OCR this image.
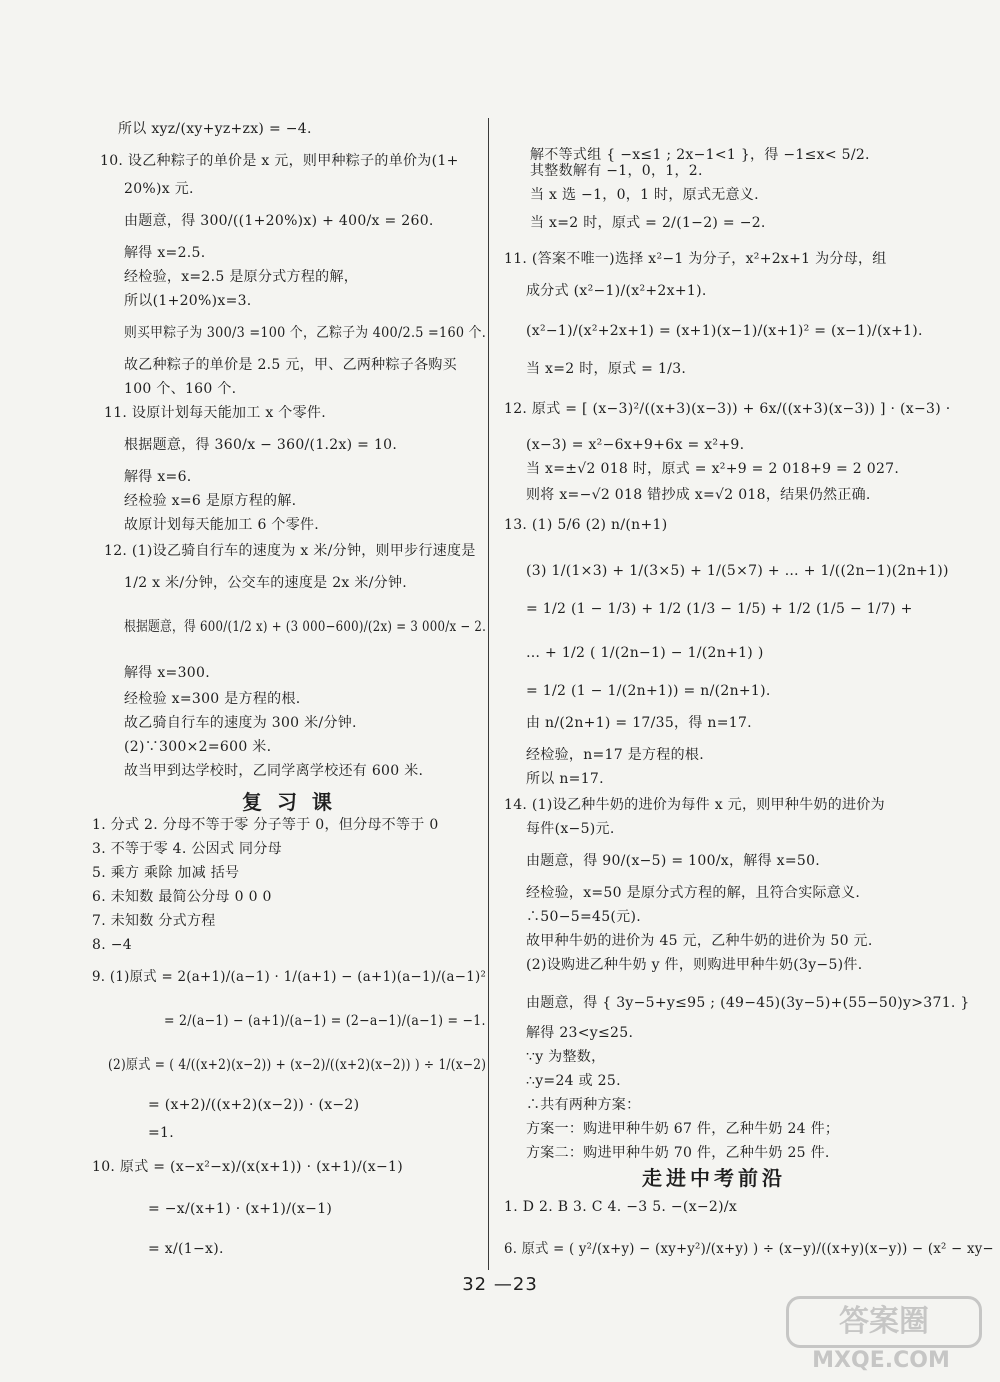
所以 xyz/(xy+yz+zx) = −4.
10. 设乙种粽子的单价是 x 元，则甲种粽子的单价为(1+
20%)x 元.
由题意，得 300/((1+20%)x) + 400/x = 260.
解得 x=2.5.
经检验，x=2.5 是原分式方程的解，
所以(1+20%)x=3.
则买甲粽子为 300/3 =100 个，乙粽子为 400/2.5 =160 个.
故乙种粽子的单价是 2.5 元，甲、乙两种粽子各购买
100 个、160 个.
11. 设原计划每天能加工 x 个零件.
根据题意，得 360/x − 360/(1.2x) = 10.
解得 x=6.
经检验 x=6 是原方程的解.
故原计划每天能加工 6 个零件.
12. (1)设乙骑自行车的速度为 x 米/分钟，则甲步行速度是
1/2 x 米/分钟，公交车的速度是 2x 米/分钟.
根据题意，得 600/(1/2 x) + (3 000−600)/(2x) = 3 000/x − 2.
解得 x=300.
经检验 x=300 是方程的根.
故乙骑自行车的速度为 300 米/分钟.
(2)∵300×2=600 米.
故当甲到达学校时，乙同学离学校还有 600 米.
复 习 课
1. 分式 2. 分母不等于零 分子等于 0，但分母不等于 0
3. 不等于零 4. 公因式 同分母
5. 乘方 乘除 加减 括号
6. 未知数 最简公分母 0 0 0
7. 未知数 分式方程
8. −4
9. (1)原式 = 2(a+1)/(a−1) · 1/(a+1) − (a+1)(a−1)/(a−1)²
= 2/(a−1) − (a+1)/(a−1) = (2−a−1)/(a−1) = −1.
(2)原式 = ( 4/((x+2)(x−2)) + (x−2)/((x+2)(x−2)) ) ÷ 1/(x−2)
= (x+2)/((x+2)(x−2)) · (x−2)
=1.
10. 原式 = (x−x²−x)/(x(x+1)) · (x+1)/(x−1)
= −x/(x+1) · (x+1)/(x−1)
= x/(1−x).
解不等式组 { −x≤1 ; 2x−1<1 }，得 −1≤x< 5/2.
其整数解有 −1，0，1，2.
当 x 选 −1，0，1 时，原式无意义.
当 x=2 时，原式 = 2/(1−2) = −2.
11. (答案不唯一)选择 x²−1 为分子，x²+2x+1 为分母，组
成分式 (x²−1)/(x²+2x+1).
(x²−1)/(x²+2x+1) = (x+1)(x−1)/(x+1)² = (x−1)/(x+1).
当 x=2 时，原式 = 1/3.
12. 原式 = [ (x−3)²/((x+3)(x−3)) + 6x/((x+3)(x−3)) ] · (x−3) ·
(x−3) = x²−6x+9+6x = x²+9.
当 x=±√2 018 时，原式 = x²+9 = 2 018+9 = 2 027.
则将 x=−√2 018 错抄成 x=√2 018，结果仍然正确.
13. (1) 5/6 (2) n/(n+1)
(3) 1/(1×3) + 1/(3×5) + 1/(5×7) + … + 1/((2n−1)(2n+1))
= 1/2 (1 − 1/3) + 1/2 (1/3 − 1/5) + 1/2 (1/5 − 1/7) +
… + 1/2 ( 1/(2n−1) − 1/(2n+1) )
= 1/2 (1 − 1/(2n+1)) = n/(2n+1).
由 n/(2n+1) = 17/35，得 n=17.
经检验，n=17 是方程的根.
所以 n=17.
14. (1)设乙种牛奶的进价为每件 x 元，则甲种牛奶的进价为
每件(x−5)元.
由题意，得 90/(x−5) = 100/x，解得 x=50.
经检验，x=50 是原分式方程的解，且符合实际意义.
∴50−5=45(元).
故甲种牛奶的进价为 45 元，乙种牛奶的进价为 50 元.
(2)设购进乙种牛奶 y 件，则购进甲种牛奶(3y−5)件.
由题意，得 { 3y−5+y≤95 ; (49−45)(3y−5)+(55−50)y>371. }
解得 23<y≤25.
∵y 为整数，
∴y=24 或 25.
∴共有两种方案：
方案一：购进甲种牛奶 67 件，乙种牛奶 24 件；
方案二：购进甲种牛奶 70 件，乙种牛奶 25 件.
走进中考前沿
1. D 2. B 3. C 4. −3 5. −(x−2)/x
6. 原式 = ( y²/(x+y) − (xy+y²)/(x+y) ) ÷ (x−y)/((x+y)(x−y)) − (x² − xy−
32 —23
答案圈
MXQE.COM
